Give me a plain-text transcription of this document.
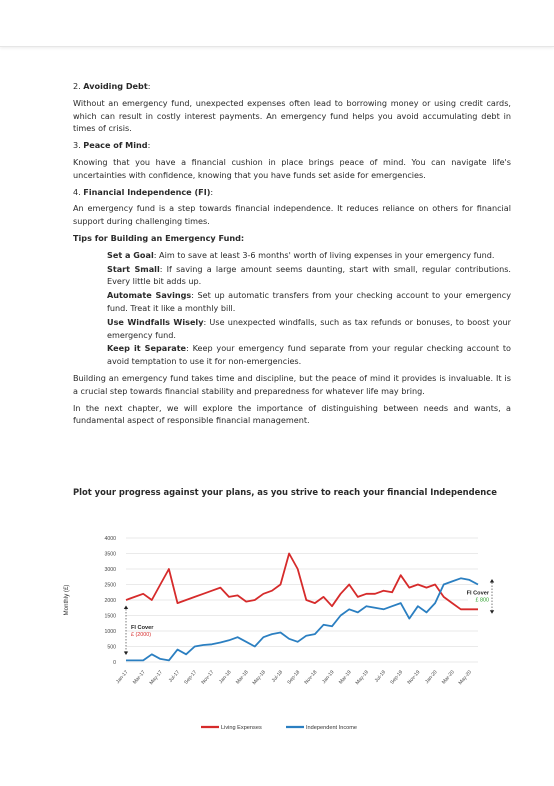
2. Avoiding Debt:

Without an emergency fund, unexpected expenses often lead to borrowing money or using credit cards, which can result in costly interest payments. An emergency fund helps you avoid accumulating debt in times of crisis.

3. Peace of Mind:

Knowing that you have a financial cushion in place brings peace of mind. You can navigate life's uncertainties with confidence, knowing that you have funds set aside for emergencies.

4. Financial Independence (FI):

An emergency fund is a step towards financial independence. It reduces reliance on others for financial support during challenging times.

Tips for Building an Emergency Fund:

Set a Goal: Aim to save at least 3-6 months' worth of living expenses in your emergency fund.

Start Small: If saving a large amount seems daunting, start with small, regular contributions. Every little bit adds up.

Automate Savings: Set up automatic transfers from your checking account to your emergency fund. Treat it like a monthly bill.

Use Windfalls Wisely: Use unexpected windfalls, such as tax refunds or bonuses, to boost your emergency fund.

Keep it Separate: Keep your emergency fund separate from your regular checking account to avoid temptation to use it for non-emergencies.

Building an emergency fund takes time and discipline, but the peace of mind it provides is invaluable. It is a crucial step towards financial stability and preparedness for whatever life may bring.

In the next chapter, we will explore the importance of distinguishing between needs and wants, a fundamental aspect of responsible financial management.

Plot your progress against your plans, as you strive to reach your financial Independence
0
500
1000
1500
2000
2500
3000
3500
4000
Monthly (£)
Jan-17 Mar-17 May-17 Jul-17 Sep-17 Nov-17 Jan-18 Mar-18 May-18 Jul-18 Sep-18 Nov-18 Jan-19 Mar-19 May-19 Jul-19 Sep-19 Nov-19 Jan-20 Mar-20 May-20
FI Cover
£ (2000)
FI Cover
£ 800
Living Expenses	Independent Income
